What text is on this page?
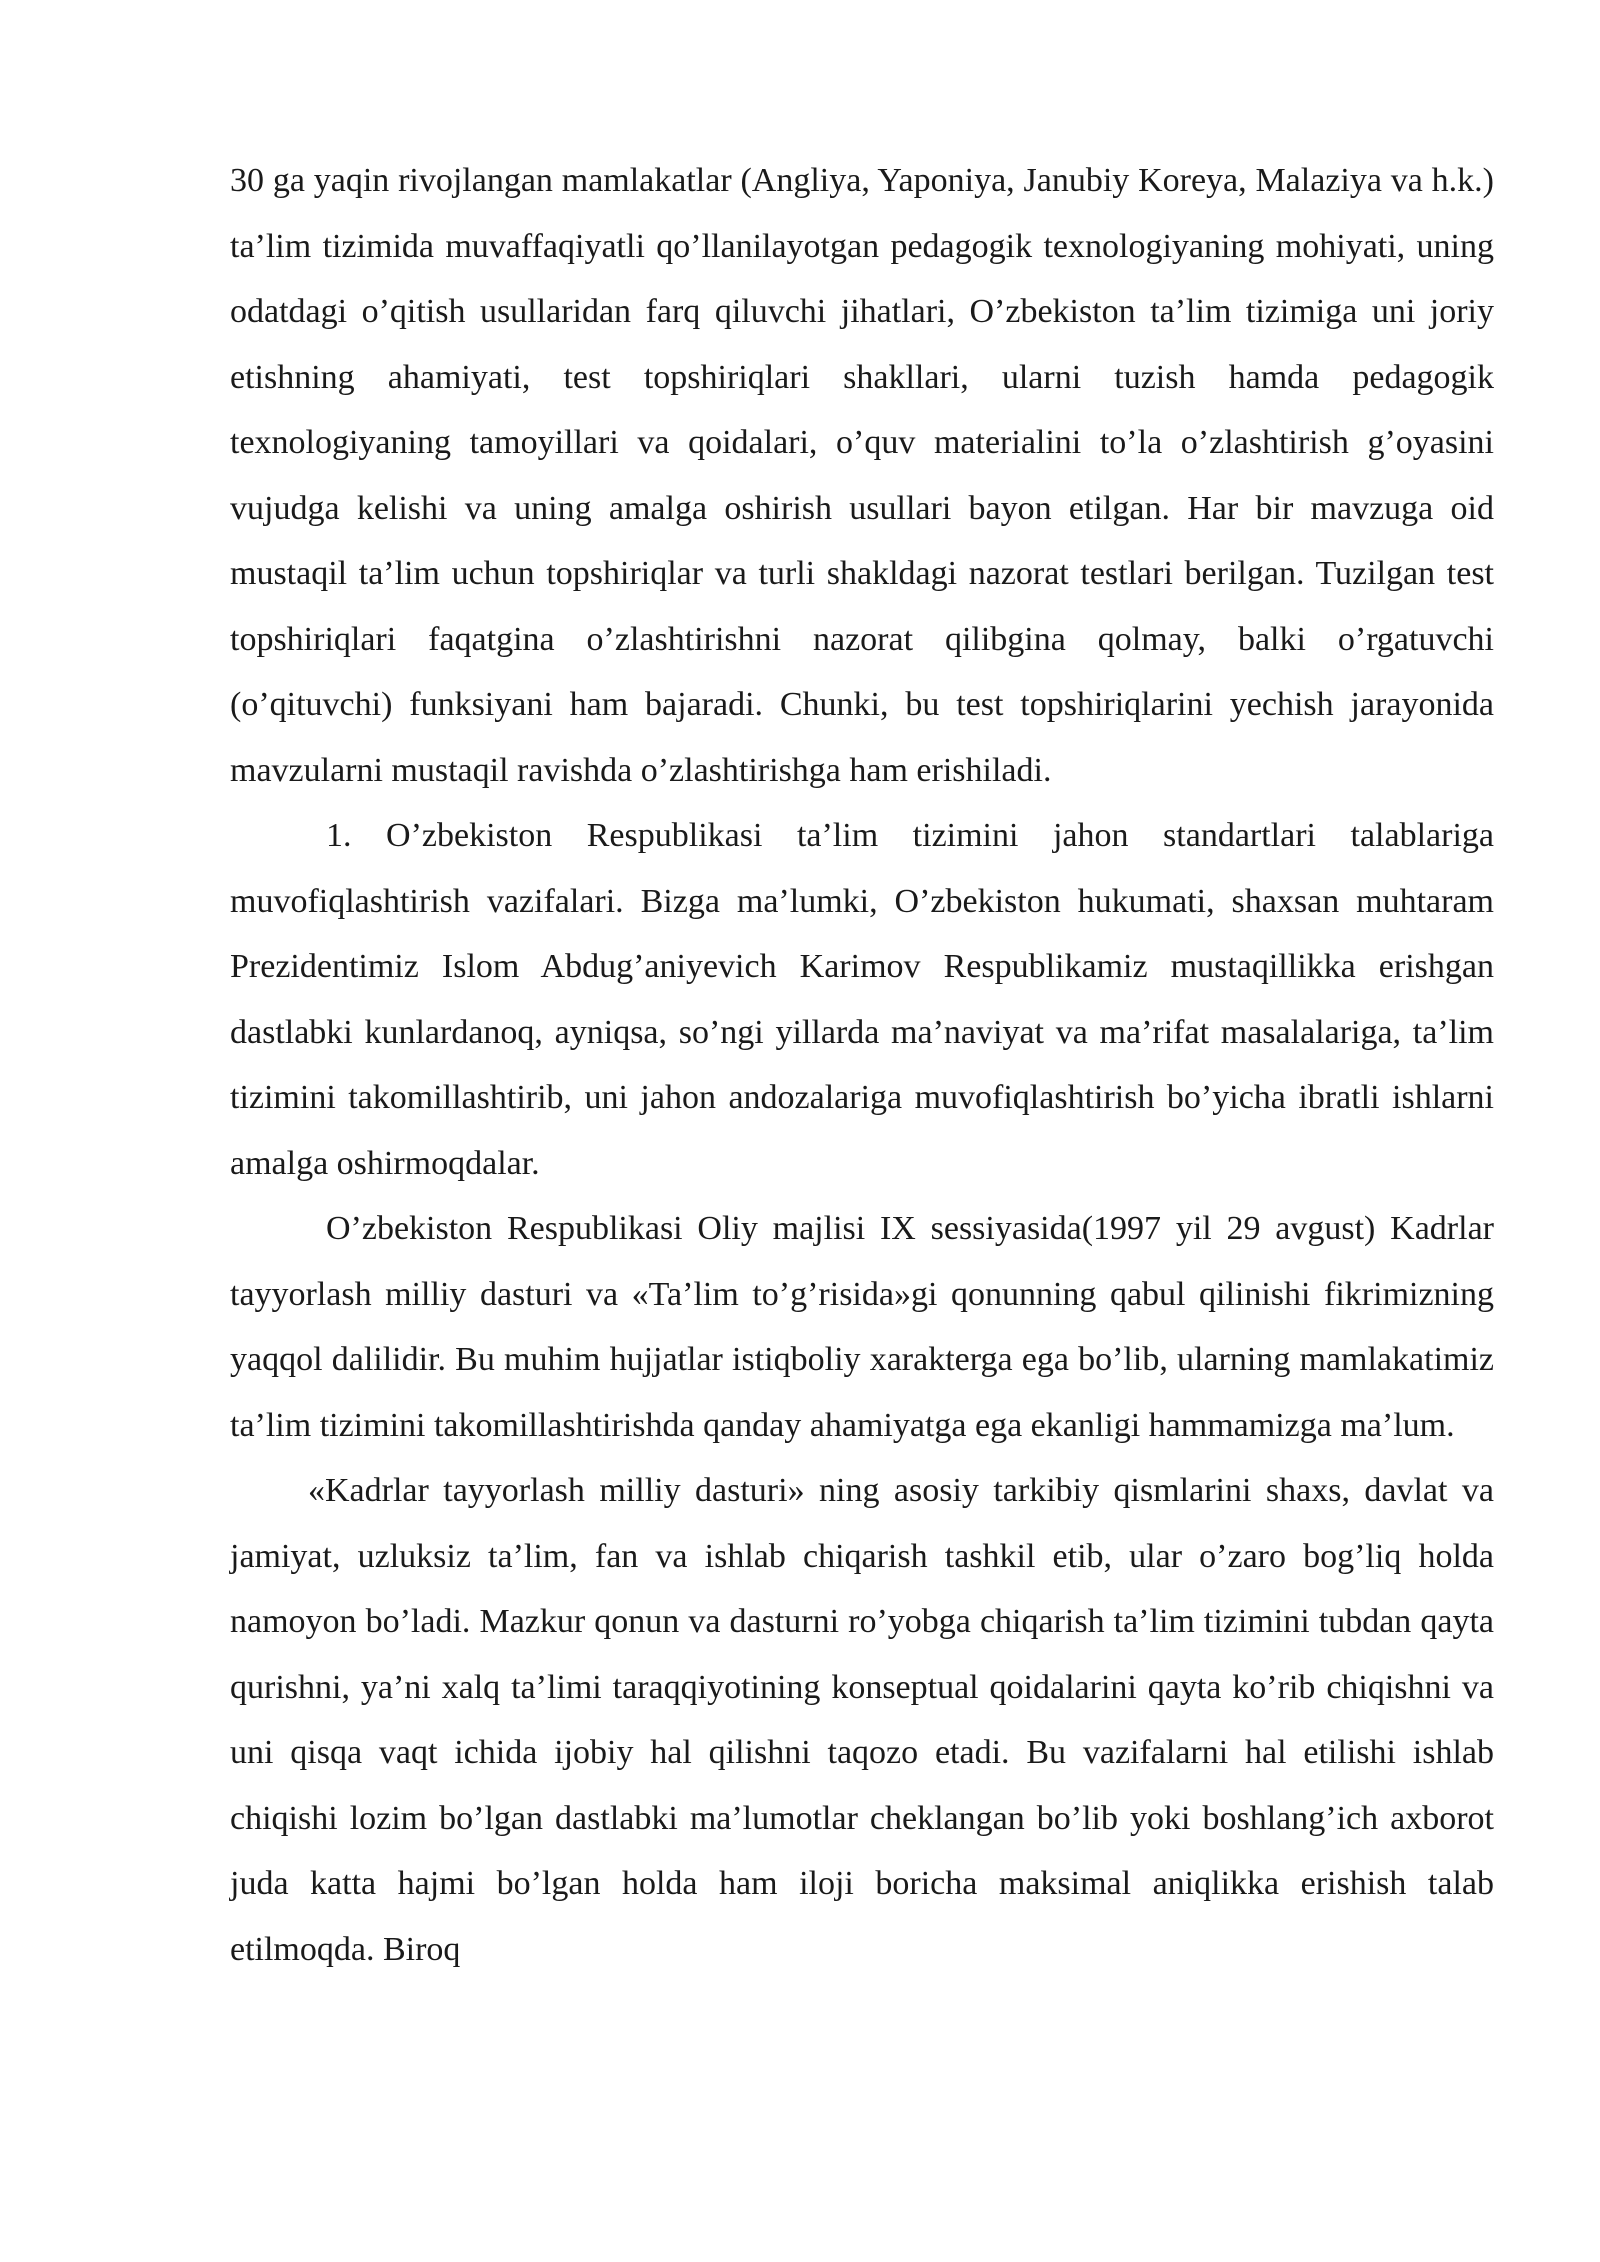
30 ga yaqin rivojlangan mamlakatlar (Angliya, Yaponiya, Janubiy Koreya, Malaziya va h.k.) ta’lim tizimida muvaffaqiyatli qo’llanilayotgan pedagogik texnologiyaning mohiyati, uning odatdagi o’qitish usullaridan farq qiluvchi jihatlari, O’zbekiston ta’lim tizimiga uni joriy etishning ahamiyati, test topshiriqlari shakllari, ularni tuzish hamda pedagogik texnologiyaning tamoyillari va qoidalari, o’quv materialini to’la o’zlashtirish g’oyasini vujudga kelishi va uning amalga oshirish usullari bayon etilgan. Har bir mavzuga oid mustaqil ta’lim uchun topshiriqlar va turli shakldagi nazorat testlari berilgan. Tuzilgan test topshiriqlari faqatgina o’zlashtirishni nazorat qilibgina qolmay, balki o’rgatuvchi (o’qituvchi) funksiyani ham bajaradi. Chunki, bu test topshiriqlarini yechish jarayonida mavzularni mustaqil ravishda o’zlashtirishga ham erishiladi.

1. O’zbekiston Respublikasi ta’lim tizimini jahon standartlari talablariga muvofiqlashtirish vazifalari. Bizga ma’lumki, O’zbekiston hukumati, shaxsan muhtaram Prezidentimiz Islom Abdug’aniyevich Karimov Respublikamiz mustaqillikka erishgan dastlabki kunlardanoq, ayniqsa, so’ngi yillarda ma’naviyat va ma’rifat masalalariga, ta’lim tizimini takomillashtirib, uni jahon andozalariga muvofiqlashtirish bo’yicha ibratli ishlarni amalga oshirmoqdalar.

O’zbekiston Respublikasi Oliy majlisi IX sessiyasida(1997 yil 29 avgust) Kadrlar tayyorlash milliy dasturi va «Ta’lim to’g’risida»gi qonunning qabul qilinishi fikrimizning yaqqol dalilidir. Bu muhim hujjatlar istiqboliy xarakterga ega bo’lib, ularning mamlakatimiz ta’lim tizimini takomillashtirishda qanday ahamiyatga ega ekanligi hammamizga ma’lum.

«Kadrlar tayyorlash milliy dasturi» ning asosiy tarkibiy qismlarini shaxs, davlat va jamiyat, uzluksiz ta’lim, fan va ishlab chiqarish tashkil etib, ular o’zaro bog’liq holda namoyon bo’ladi. Mazkur qonun va dasturni ro’yobga chiqarish ta’lim tizimini tubdan qayta qurishni, ya’ni xalq ta’limi taraqqiyotining konseptual qoidalarini qayta ko’rib chiqishni va uni qisqa vaqt ichida ijobiy hal qilishni taqozo etadi. Bu vazifalarni hal etilishi ishlab chiqishi lozim bo’lgan dastlabki ma’lumotlar cheklangan bo’lib yoki boshlang’ich axborot juda katta hajmi bo’lgan holda ham iloji boricha maksimal aniqlikka erishish talab etilmoqda. Biroq
